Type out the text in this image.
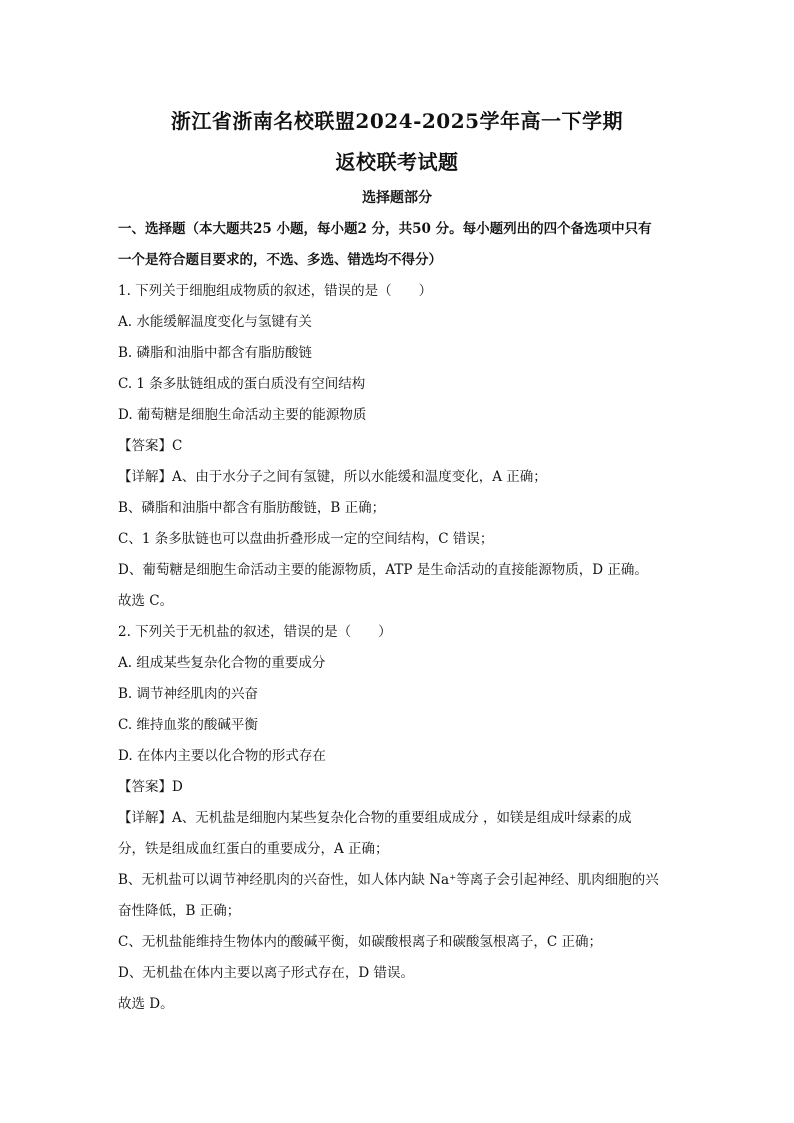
浙江省浙南名校联盟2024-2025学年高一下学期
返校联考试题
选择题部分
一、选择题（本大题共25 小题，每小题2 分，共50 分。每小题列出的四个备选项中只有
一个是符合题目要求的，不选、多选、错选均不得分）
1. 下列关于细胞组成物质的叙述，错误的是（　　）
A. 水能缓解温度变化与氢键有关
B. 磷脂和油脂中都含有脂肪酸链
C. 1 条多肽链组成的蛋白质没有空间结构
D. 葡萄糖是细胞生命活动主要的能源物质
【答案】C
【详解】A、由于水分子之间有氢键，所以水能缓和温度变化，A 正确；
B、磷脂和油脂中都含有脂肪酸链，B 正确；
C、1 条多肽链也可以盘曲折叠形成一定的空间结构，C 错误；
D、葡萄糖是细胞生命活动主要的能源物质，ATP 是生命活动的直接能源物质，D 正确。
故选 C。
2. 下列关于无机盐的叙述，错误的是（　　）
A. 组成某些复杂化合物的重要成分
B. 调节神经肌肉的兴奋
C. 维持血浆的酸碱平衡
D. 在体内主要以化合物的形式存在
【答案】D
【详解】A、无机盐是细胞内某些复杂化合物的重要组成成分 ，如镁是组成叶绿素的成
分，铁是组成血红蛋白的重要成分，A 正确；
B、无机盐可以调节神经肌肉的兴奋性，如人体内缺 Na⁺等离子会引起神经、肌肉细胞的兴
奋性降低，B 正确；
C、无机盐能维持生物体内的酸碱平衡，如碳酸根离子和碳酸氢根离子，C 正确；
D、无机盐在体内主要以离子形式存在，D 错误。
故选 D。
